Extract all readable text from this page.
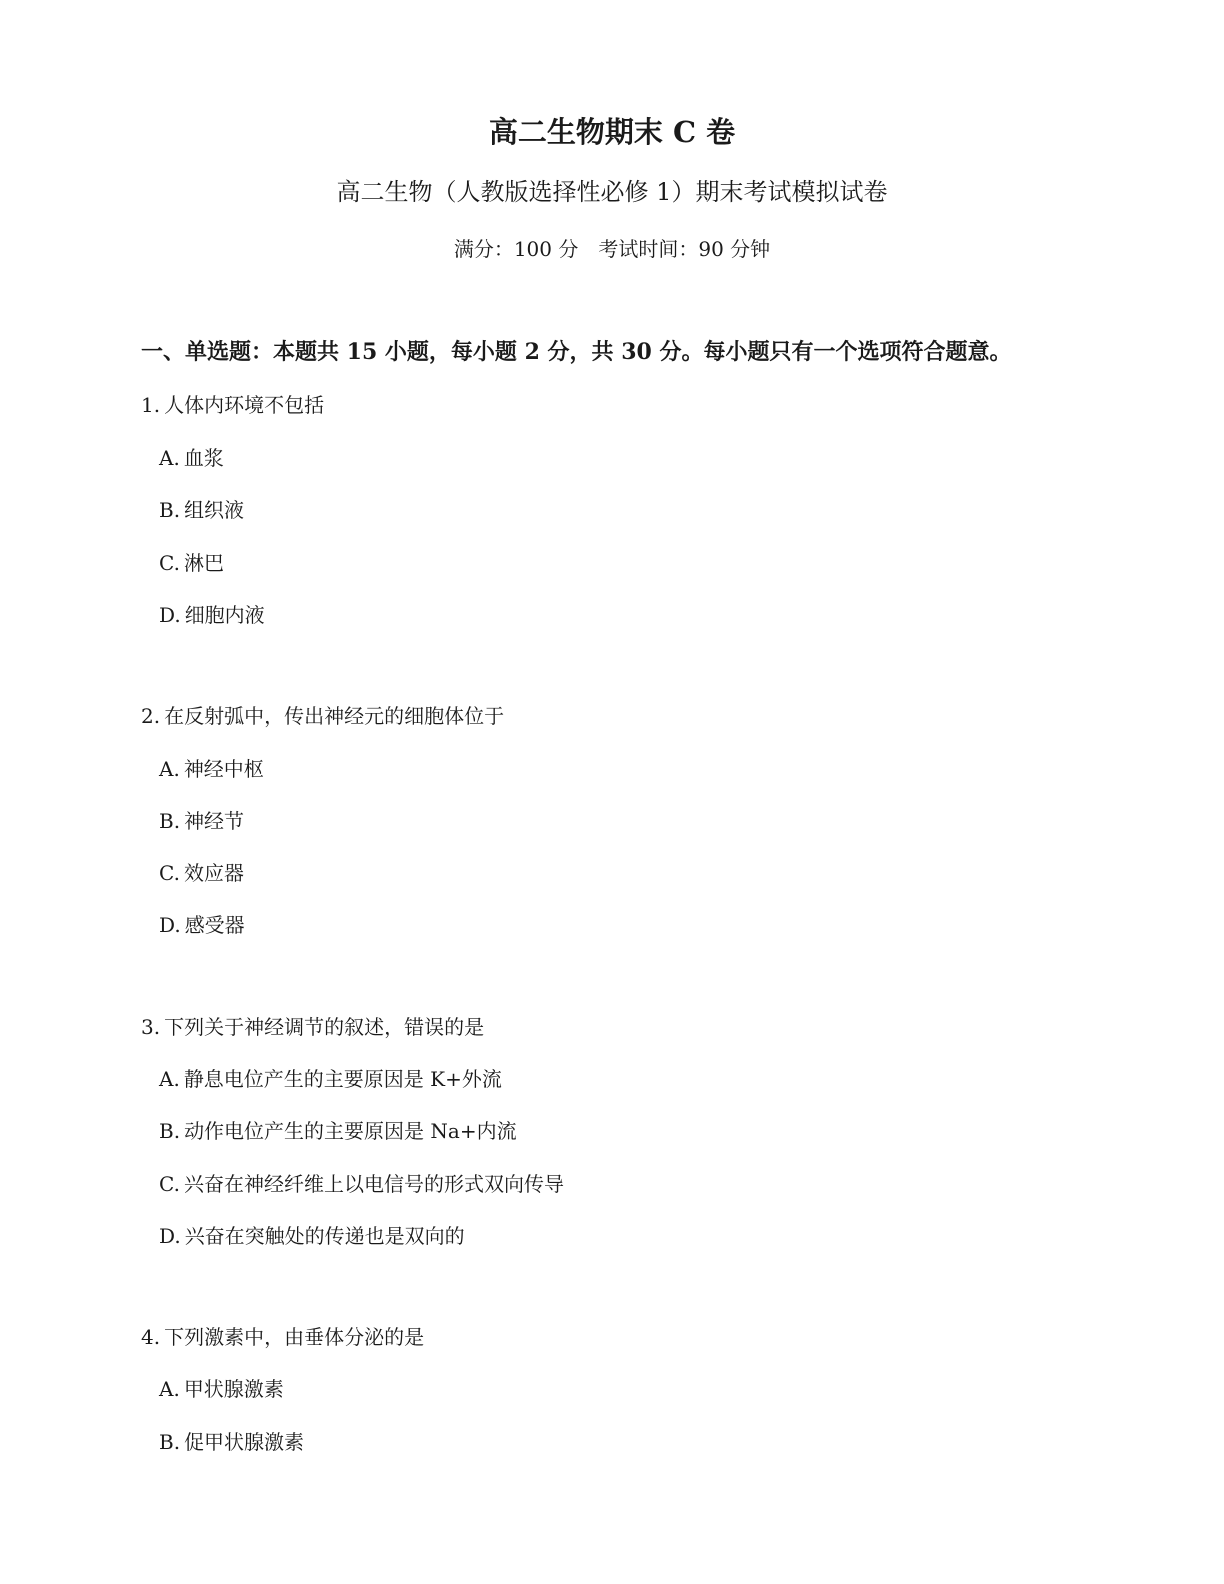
高二生物期末 C 卷
高二生物（人教版选择性必修 1）期末考试模拟试卷
满分：100 分　考试时间：90 分钟
一、单选题：本题共 15 小题，每小题 2 分，共 30 分。每小题只有一个选项符合题意。
1. 人体内环境不包括
A. 血浆
B. 组织液
C. 淋巴
D. 细胞内液
2. 在反射弧中，传出神经元的细胞体位于
A. 神经中枢
B. 神经节
C. 效应器
D. 感受器
3. 下列关于神经调节的叙述，错误的是
A. 静息电位产生的主要原因是 K+外流
B. 动作电位产生的主要原因是 Na+内流
C. 兴奋在神经纤维上以电信号的形式双向传导
D. 兴奋在突触处的传递也是双向的
4. 下列激素中，由垂体分泌的是
A. 甲状腺激素
B. 促甲状腺激素
